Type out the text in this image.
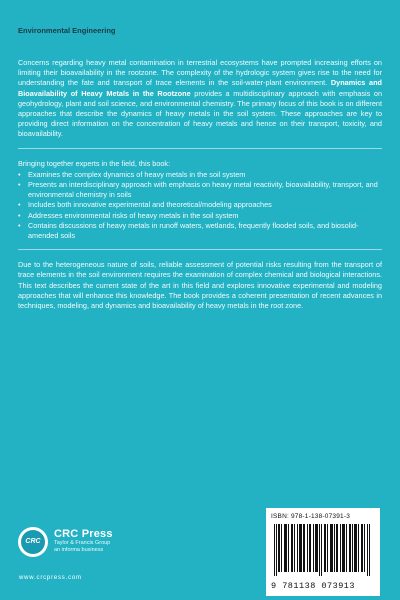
Environmental Engineering

Concerns regarding heavy metal contamination in terrestrial ecosystems have prompted increasing efforts on limiting their bioavailability in the rootzone. The complexity of the hydrologic system gives rise to the need for understanding the fate and transport of trace elements in the soil-water-plant environment. Dynamics and Bioavailability of Heavy Metals in the Rootzone provides a multidisciplinary approach with emphasis on geohydrology, plant and soil science, and environmental chemistry. The primary focus of this book is on different approaches that describe the dynamics of heavy metals in the soil system. These approaches are key to providing direct information on the concentration of heavy metals and hence on their transport, toxicity, and bioavailability.

Bringing together experts in the field, this book:

• Examines the complex dynamics of heavy metals in the soil system
• Presents an interdisciplinary approach with emphasis on heavy metal reactivity, bioavailability, transport, and environmental chemistry in soils
• Includes both innovative experimental and theoretical/modeling approaches
• Addresses environmental risks of heavy metals in the soil system
• Contains discussions of heavy metals in runoff waters, wetlands, frequently flooded soils, and biosolid-amended soils

Due to the heterogeneous nature of soils, reliable assessment of potential risks resulting from the transport of trace elements in the soil environment requires the examination of complex chemical and biological interactions. This text describes the current state of the art in this field and explores innovative experimental and modeling approaches that will enhance this knowledge. The book provides a coherent presentation of recent advances in techniques, modeling, and dynamics and bioavailability of heavy metals in the root zone.

CRC
CRC Press
Taylor & Francis Group
an informa business
www.crcpress.com
ISBN: 978-1-138-07391-3
9 781138 073913
